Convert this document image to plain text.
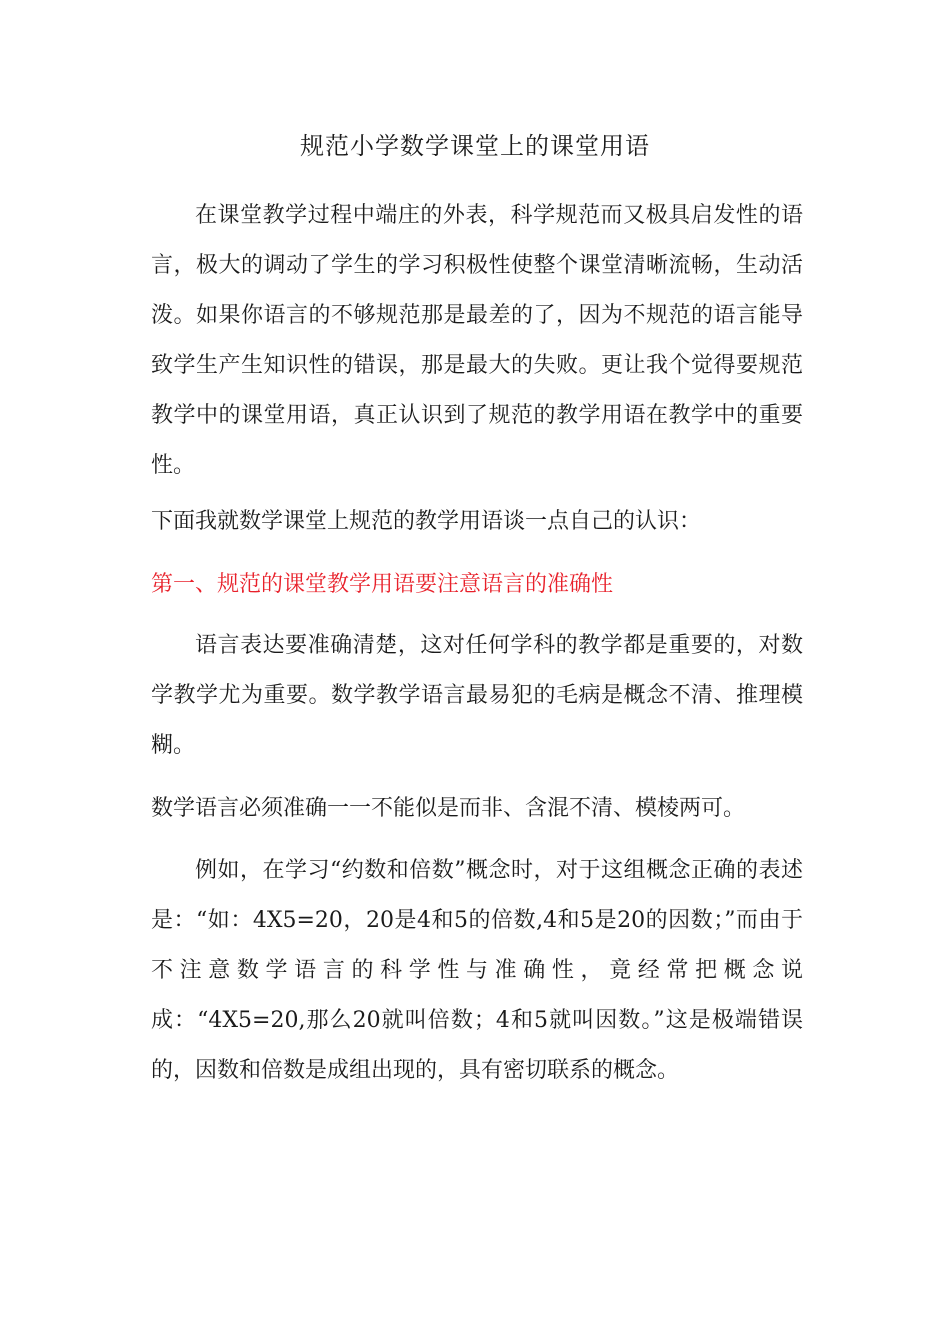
规范小学数学课堂上的课堂用语

在课堂教学过程中端庄的外表，科学规范而又极具启发性的语言，极大的调动了学生的学习积极性使整个课堂清晰流畅，生动活泼。如果你语言的不够规范那是最差的了，因为不规范的语言能导致学生产生知识性的错误，那是最大的失败。更让我个觉得要规范教学中的课堂用语，真正认识到了规范的教学用语在教学中的重要性。

下面我就数学课堂上规范的教学用语谈一点自己的认识：

第一、规范的课堂教学用语要注意语言的准确性

语言表达要准确清楚，这对任何学科的教学都是重要的，对数学教学尤为重要。数学教学语言最易犯的毛病是概念不清、推理模糊。

数学语言必须准确一一不能似是而非、含混不清、模棱两可。

例如，在学习“约数和倍数”概念时，对于这组概念正确的表述是：“如：4X5=20，20是4和5的倍数,4和5是20的因数；”而由于不注意数学语言的科学性与准确性，竟经常把概念说成：“4X5=20,那么20就叫倍数；4和5就叫因数。”这是极端错误的，因数和倍数是成组出现的，具有密切联系的概念。
